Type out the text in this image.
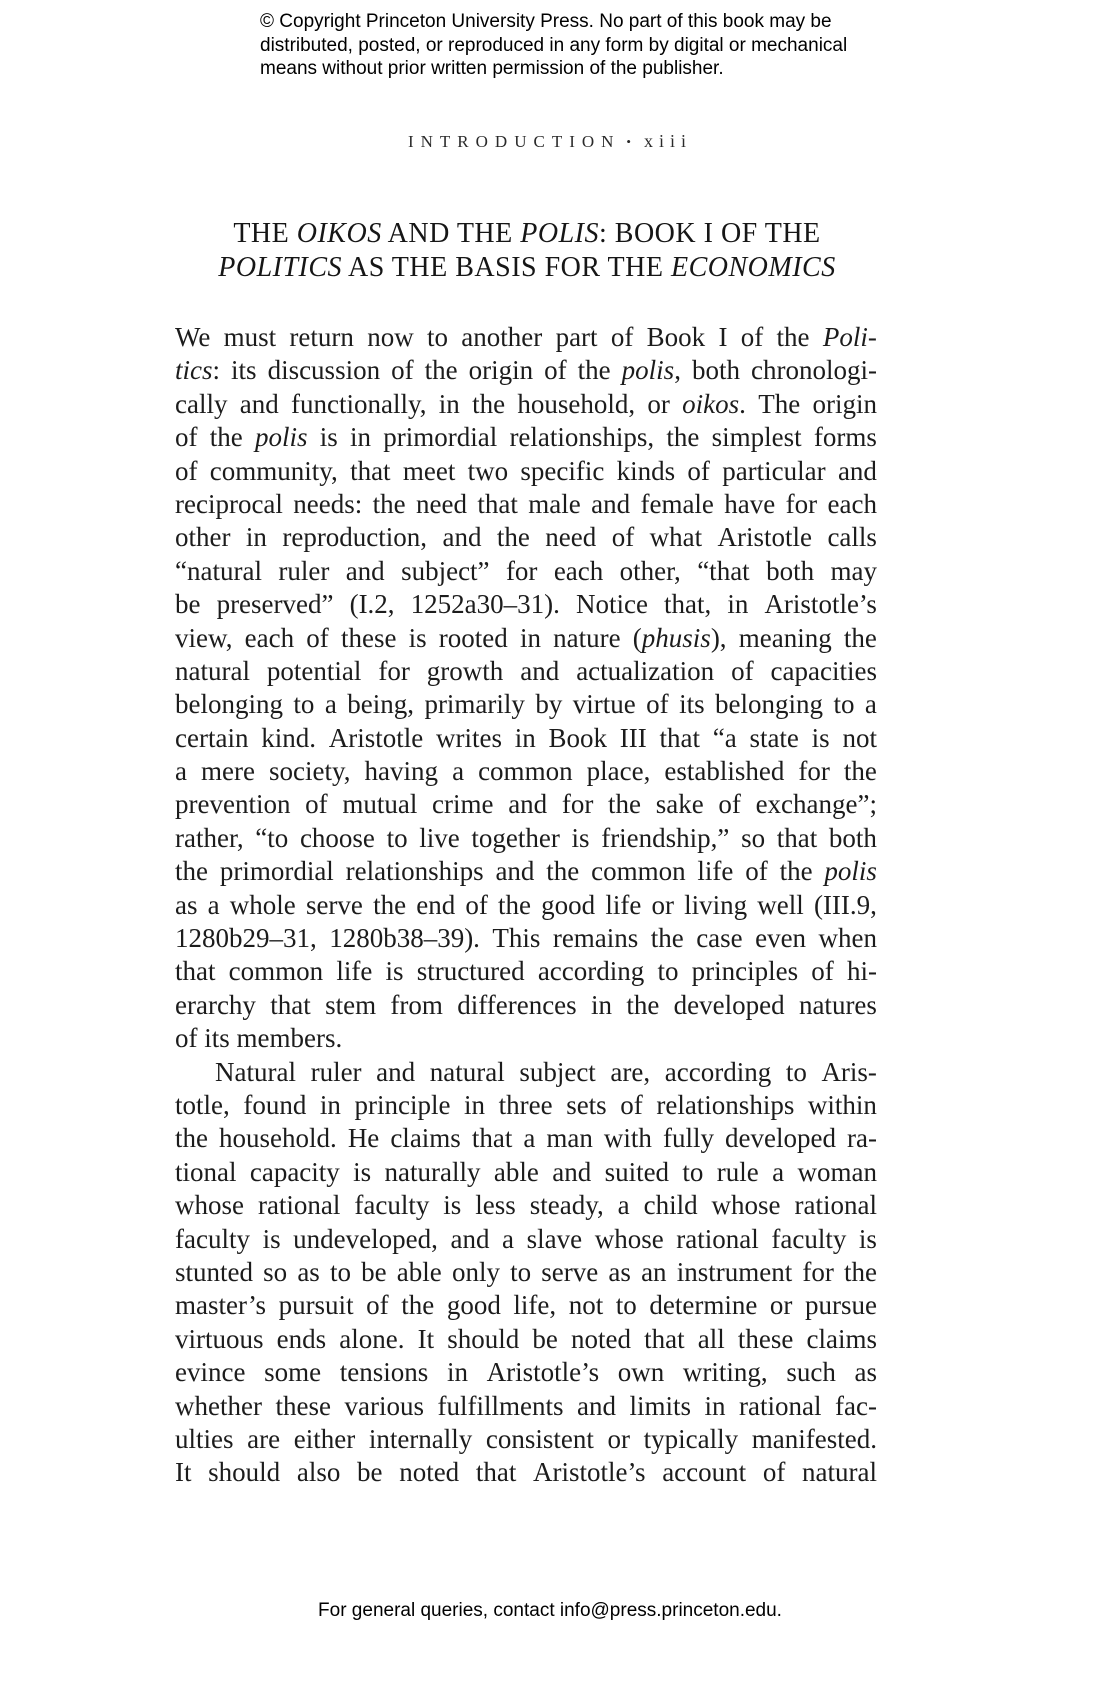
© Copyright Princeton University Press. No part of this book may be
distributed, posted, or reproduced in any form by digital or mechanical
means without prior written permission of the publisher.
INTRODUCTION • xiii
THE OIKOS AND THE POLIS: BOOK I OF THE
POLITICS AS THE BASIS FOR THE ECONOMICS
We must return now to another part of Book I of the Poli-
tics: its discussion of the origin of the polis, both chronologi-
cally and functionally, in the household, or oikos. The origin
of the polis is in primordial relationships, the simplest forms
of community, that meet two specific kinds of particular and
reciprocal needs: the need that male and female have for each
other in reproduction, and the need of what Aristotle calls
“natural ruler and subject” for each other, “that both may
be preserved” (I.2, 1252a30–31). Notice that, in Aristotle’s
view, each of these is rooted in nature (phusis), meaning the
natural potential for growth and actualization of capacities
belonging to a being, primarily by virtue of its belonging to a
certain kind. Aristotle writes in Book III that “a state is not
a mere society, having a common place, established for the
prevention of mutual crime and for the sake of exchange”;
rather, “to choose to live together is friendship,” so that both
the primordial relationships and the common life of the polis
as a whole serve the end of the good life or living well (III.9,
1280b29–31, 1280b38–39). This remains the case even when
that common life is structured according to principles of hi-
erarchy that stem from differences in the developed natures
of its members.
Natural ruler and natural subject are, according to Aris-
totle, found in principle in three sets of relationships within
the household. He claims that a man with fully developed ra-
tional capacity is naturally able and suited to rule a woman
whose rational faculty is less steady, a child whose rational
faculty is undeveloped, and a slave whose rational faculty is
stunted so as to be able only to serve as an instrument for the
master’s pursuit of the good life, not to determine or pursue
virtuous ends alone. It should be noted that all these claims
evince some tensions in Aristotle’s own writing, such as
whether these various fulfillments and limits in rational fac-
ulties are either internally consistent or typically manifested.
It should also be noted that Aristotle’s account of natural
For general queries, contact info@press.princeton.edu.
